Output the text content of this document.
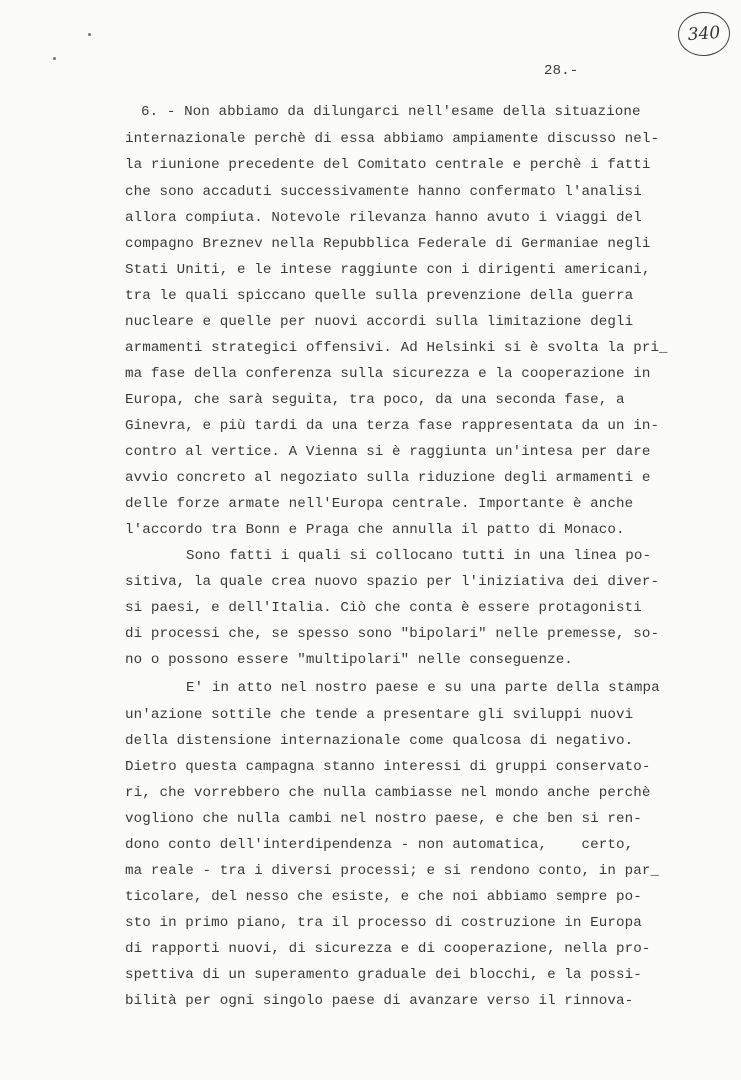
340
28.-
6. - Non abbiamo da dilungarci nell'esame della situazione
internazionale perchè di essa abbiamo ampiamente discusso nel-
la riunione precedente del Comitato centrale e perchè i fatti
che sono accaduti successivamente hanno confermato l'analisi
allora compiuta. Notevole rilevanza hanno avuto i viaggi del
compagno Breznev nella Repubblica Federale di Germaniae negli
Stati Uniti, e le intese raggiunte con i dirigenti americani,
tra le quali spiccano quelle sulla prevenzione della guerra
nucleare e quelle per nuovi accordi sulla limitazione degli
armamenti strategici offensivi. Ad Helsinki si è svolta la pri_
ma fase della conferenza sulla sicurezza e la cooperazione in
Europa, che sarà seguita, tra poco, da una seconda fase, a
Ginevra, e più tardi da una terza fase rappresentata da un in-
contro al vertice. A Vienna si è raggiunta un'intesa per dare
avvio concreto al negoziato sulla riduzione degli armamenti e
delle forze armate nell'Europa centrale. Importante è anche
l'accordo tra Bonn e Praga che annulla il patto di Monaco.
Sono fatti i quali si collocano tutti in una linea po-
sitiva, la quale crea nuovo spazio per l'iniziativa dei diver-
si paesi, e dell'Italia. Ciò che conta è essere protagonisti
di processi che, se spesso sono "bipolari" nelle premesse, so-
no o possono essere "multipolari" nelle conseguenze.
E' in atto nel nostro paese e su una parte della stampa
un'azione sottile che tende a presentare gli sviluppi nuovi
della distensione internazionale come qualcosa di negativo.
Dietro questa campagna stanno interessi di gruppi conservato-
ri, che vorrebbero che nulla cambiasse nel mondo anche perchè
vogliono che nulla cambi nel nostro paese, e che ben si ren-
dono conto dell'interdipendenza - non automatica,    certo,
ma reale - tra i diversi processi; e si rendono conto, in par_
ticolare, del nesso che esiste, e che noi abbiamo sempre po-
sto in primo piano, tra il processo di costruzione in Europa
di rapporti nuovi, di sicurezza e di cooperazione, nella pro-
spettiva di un superamento graduale dei blocchi, e la possi-
bilità per ogni singolo paese di avanzare verso il rinnova-
